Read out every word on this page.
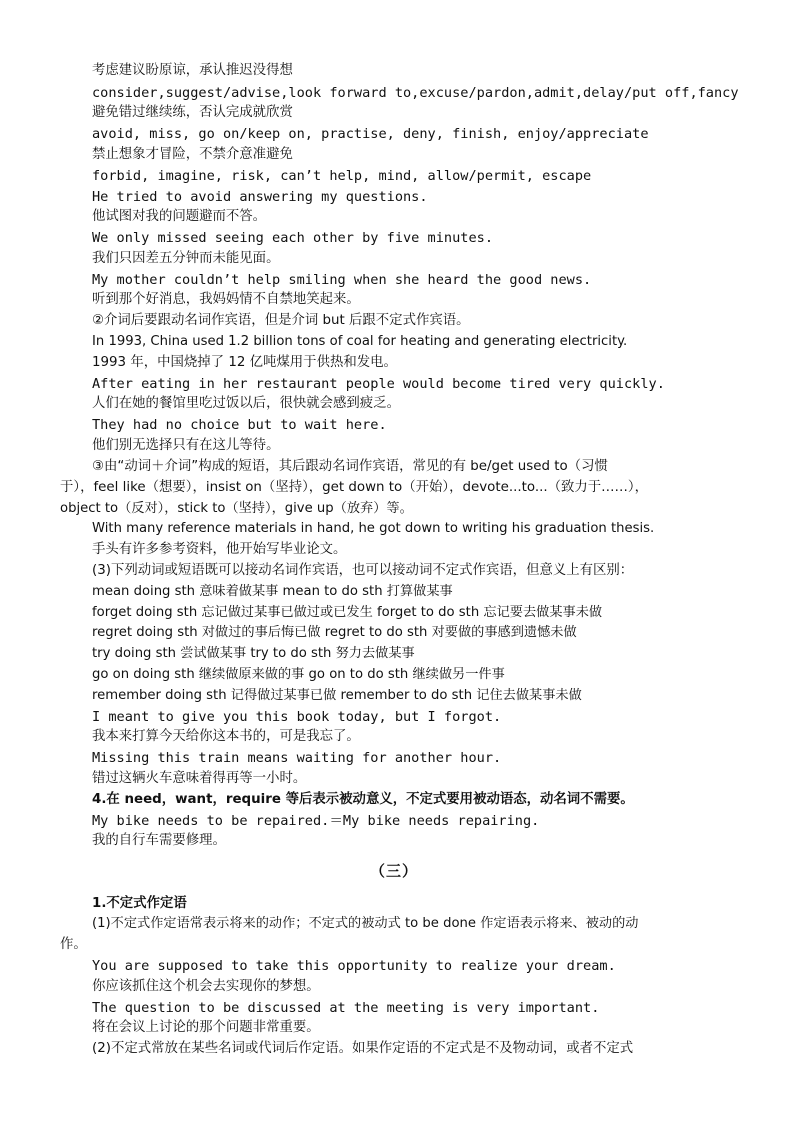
考虑建议盼原谅，承认推迟没得想
consider,suggest/advise,look forward to,excuse/pardon,admit,delay/put off,fancy
避免错过继续练，否认完成就欣赏
avoid, miss, go on/keep on, practise, deny, finish, enjoy/appreciate
禁止想象才冒险，不禁介意准避免
forbid, imagine, risk, can’t help, mind, allow/permit, escape
He tried to avoid answering my questions.
他试图对我的问题避而不答。
We only missed seeing each other by five minutes.
我们只因差五分钟而未能见面。
My mother couldn’t help smiling when she heard the good news.
听到那个好消息，我妈妈情不自禁地笑起来。
②介词后要跟动名词作宾语，但是介词 but 后跟不定式作宾语。
In 1993, China used 1.2 billion tons of coal for heating and generating electricity.
1993 年，中国烧掉了 12 亿吨煤用于供热和发电。
After eating in her restaurant people would become tired very quickly.
人们在她的餐馆里吃过饭以后，很快就会感到疲乏。
They had no choice but to wait here.
他们别无选择只有在这儿等待。
③由“动词＋介词”构成的短语，其后跟动名词作宾语，常见的有 be/get used to（习惯
于），feel like（想要），insist on（坚持），get down to（开始），devote...to...（致力于……），
object to（反对），stick to（坚持），give up（放弃）等。
With many reference materials in hand, he got down to writing his graduation thesis.
手头有许多参考资料，他开始写毕业论文。
(3)下列动词或短语既可以接动名词作宾语，也可以接动词不定式作宾语，但意义上有区别：
mean doing sth 意味着做某事 mean to do sth 打算做某事
forget doing sth 忘记做过某事已做过或已发生 forget to do sth 忘记要去做某事未做
regret doing sth 对做过的事后悔已做 regret to do sth 对要做的事感到遗憾未做
try doing sth 尝试做某事 try to do sth 努力去做某事
go on doing sth 继续做原来做的事 go on to do sth 继续做另一件事
remember doing sth 记得做过某事已做 remember to do sth 记住去做某事未做
I meant to give you this book today, but I forgot.
我本来打算今天给你这本书的，可是我忘了。
Missing this train means waiting for another hour.
错过这辆火车意味着得再等一小时。
4.在 need，want，require 等后表示被动意义，不定式要用被动语态，动名词不需要。
My bike needs to be repaired.＝My bike needs repairing.
我的自行车需要修理。
（三）
1.不定式作定语
(1)不定式作定语常表示将来的动作；不定式的被动式 to be done 作定语表示将来、被动的动
作。
You are supposed to take this opportunity to realize your dream.
你应该抓住这个机会去实现你的梦想。
The question to be discussed at the meeting is very important.
将在会议上讨论的那个问题非常重要。
(2)不定式常放在某些名词或代词后作定语。如果作定语的不定式是不及物动词，或者不定式
